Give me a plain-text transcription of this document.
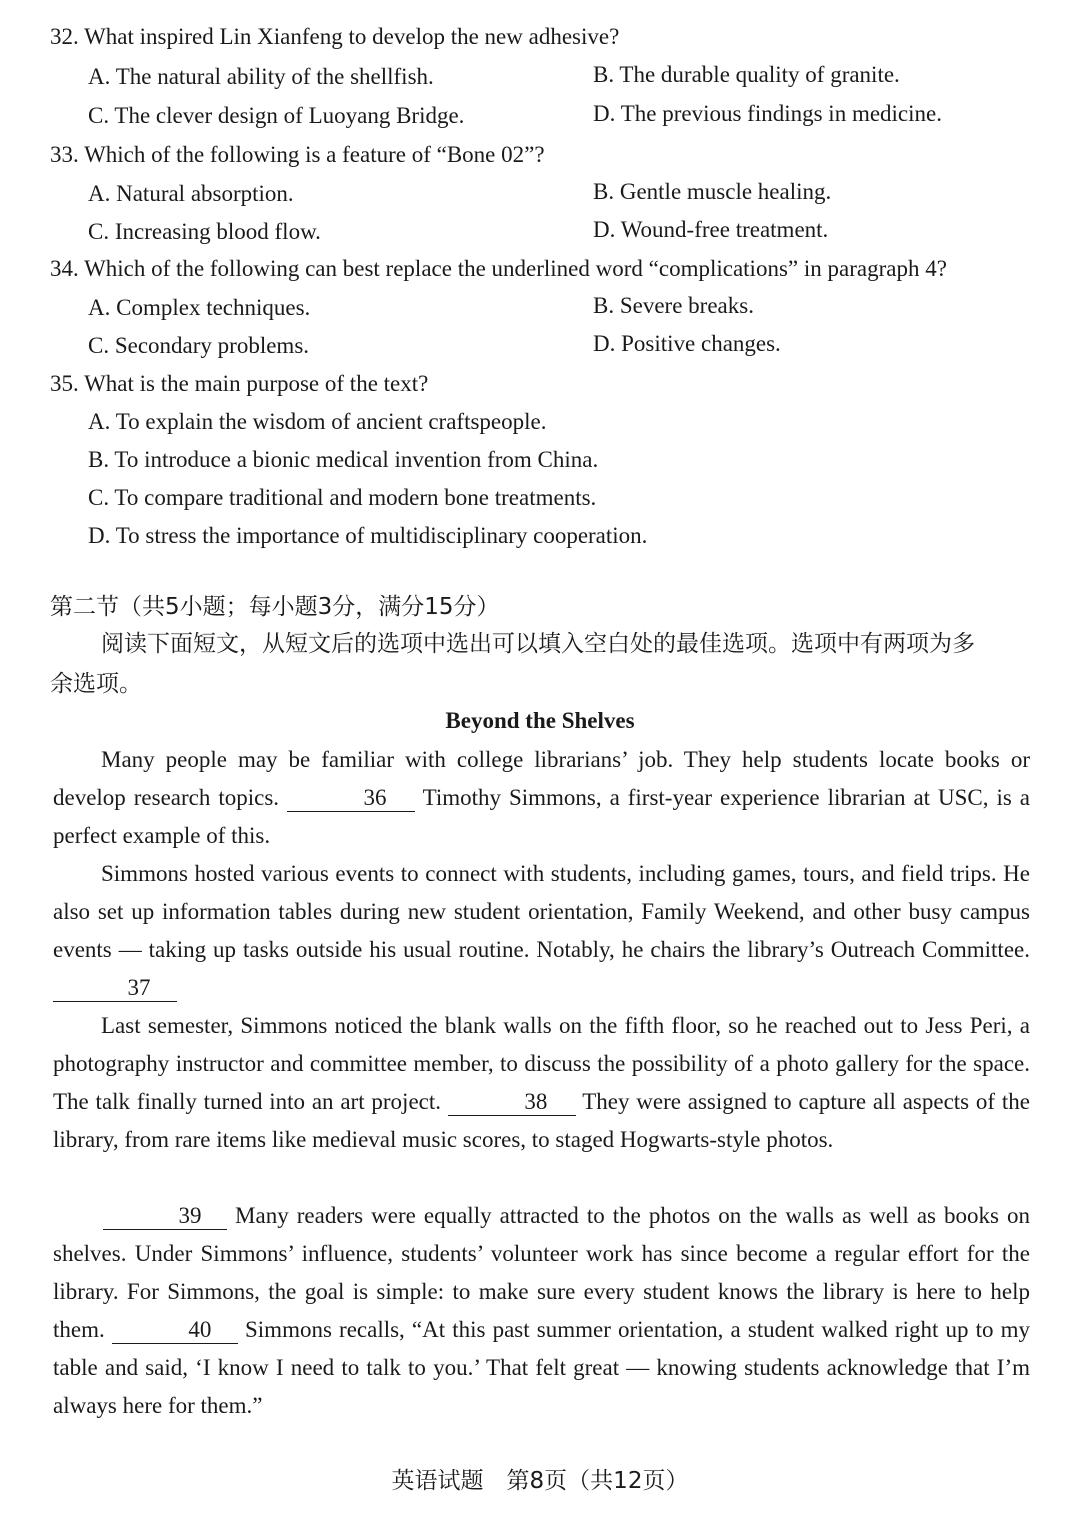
32. What inspired Lin Xianfeng to develop the new adhesive?
A. The natural ability of the shellfish.	B. The durable quality of granite.
C. The clever design of Luoyang Bridge.	D. The previous findings in medicine.
33. Which of the following is a feature of “Bone 02”?
A. Natural absorption.	B. Gentle muscle healing.
C. Increasing blood flow.	D. Wound-free treatment.
34. Which of the following can best replace the underlined word “complications” in paragraph 4?
A. Complex techniques.	B. Severe breaks.
C. Secondary problems.	D. Positive changes.
35. What is the main purpose of the text?
A. To explain the wisdom of ancient craftspeople.
B. To introduce a bionic medical invention from China.
C. To compare traditional and modern bone treatments.
D. To stress the importance of multidisciplinary cooperation.
第二节（共5小题；每小题3分，满分15分）
阅读下面短文，从短文后的选项中选出可以填入空白处的最佳选项。选项中有两项为多
余选项。
Beyond the Shelves
Many people may be familiar with college librarians’ job. They help students locate books or develop research topics.	36 Timothy Simmons, a first-year experience librarian at USC, is a perfect example of this.
Simmons hosted various events to connect with students, including games, tours, and field trips. He also set up information tables during new student orientation, Family Weekend, and other busy campus events — taking up tasks outside his usual routine. Notably, he chairs the library’s Outreach Committee. 37
Last semester, Simmons noticed the blank walls on the fifth floor, so he reached out to Jess Peri, a photography instructor and committee member, to discuss the possibility of a photo gallery for the space. The talk finally turned into an art project.	38 They were assigned to capture all aspects of the library, from rare items like medieval music scores, to staged Hogwarts-style photos.
39 Many readers were equally attracted to the photos on the walls as well as books on shelves. Under Simmons’ influence, students’ volunteer work has since become a regular effort for the library. For Simmons, the goal is simple: to make sure every student knows the library is here to help them.	40 Simmons recalls, “At this past summer orientation, a student walked right up to my table and said, ‘I know I need to talk to you.’ That felt great — knowing students acknowledge that I’m always here for them.”
英语试题　第8页（共12页）
